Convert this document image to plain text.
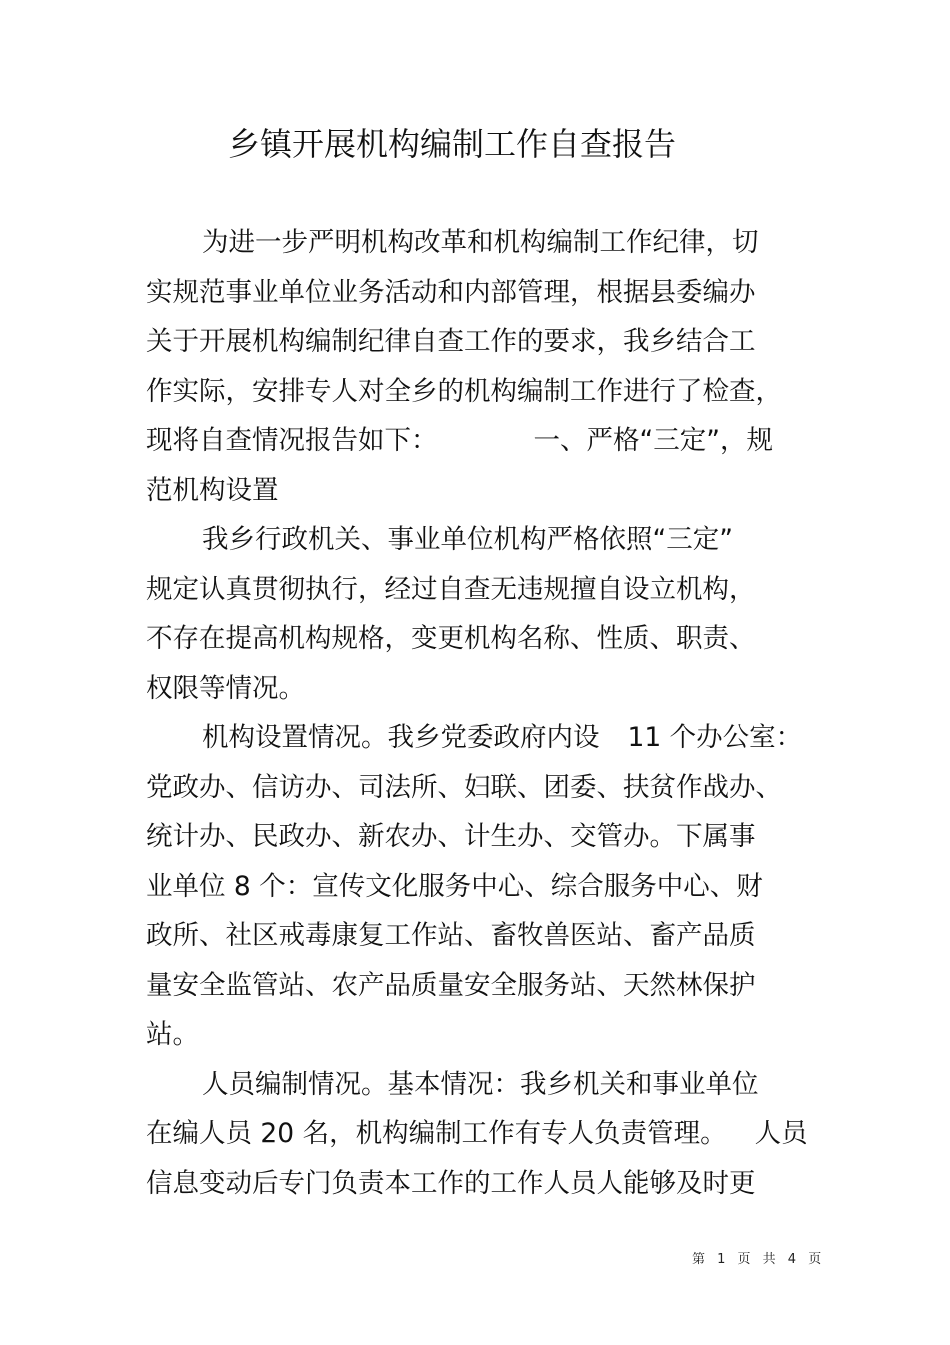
乡镇开展机构编制工作自查报告
为进一步严明机构改革和机构编制工作纪律，切
实规范事业单位业务活动和内部管理，根据县委编办
关于开展机构编制纪律自查工作的要求，我乡结合工
作实际，安排专人对全乡的机构编制工作进行了检查，
现将自查情况报告如下：	一、严格“三定”，规
范机构设置
我乡行政机关、事业单位机构严格依照“三定”
规定认真贯彻执行，经过自查无违规擅自设立机构，
不存在提高机构规格，变更机构名称、性质、职责、
权限等情况。
机构设置情况。我乡党委政府内设 11 个办公室：
党政办、信访办、司法所、妇联、团委、扶贫作战办、
统计办、民政办、新农办、计生办、交管办。下属事
业单位 8 个：宣传文化服务中心、综合服务中心、财
政所、社区戒毒康复工作站、畜牧兽医站、畜产品质
量安全监管站、农产品质量安全服务站、天然林保护
站。
人员编制情况。基本情况：我乡机关和事业单位
在编人员 20 名，机构编制工作有专人负责管理。 人员
信息变动后专门负责本工作的工作人员人能够及时更
第 1 页 共 4 页
